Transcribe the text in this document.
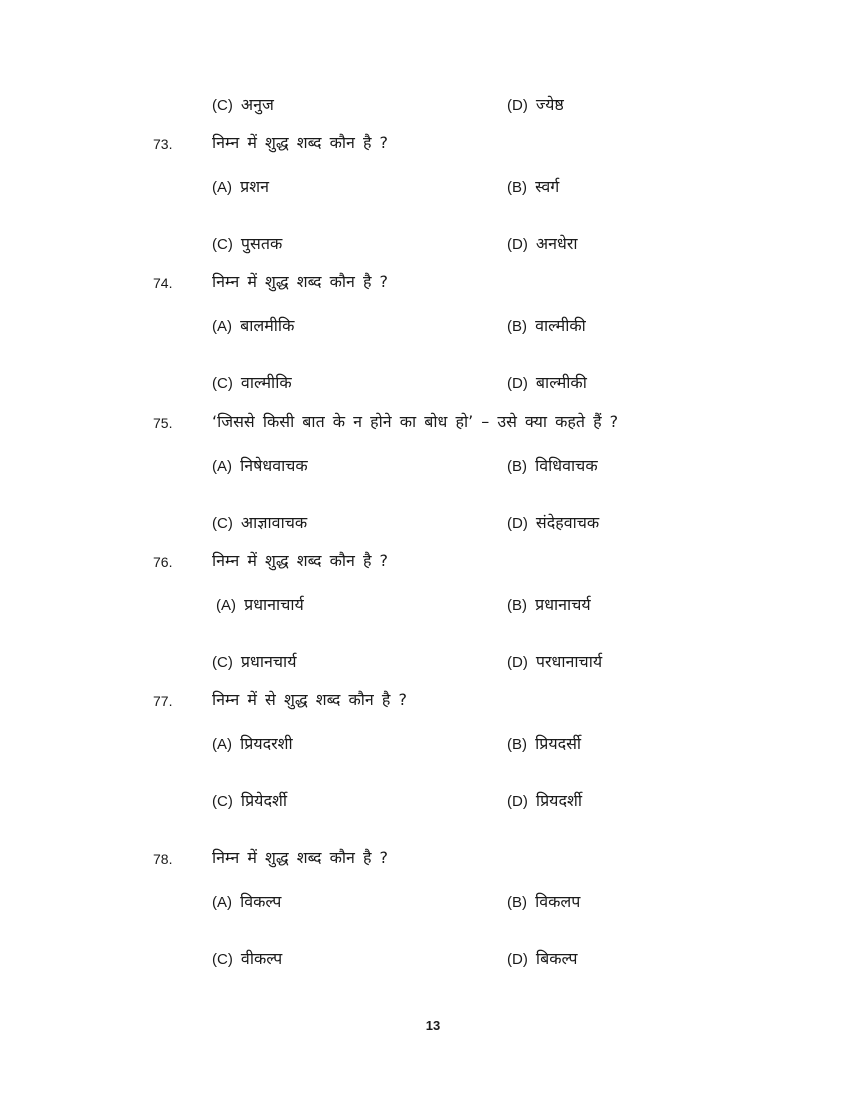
(C) अनुज	(D) ज्येष्ठ
73. निम्न में शुद्ध शब्द कौन है ?
(A) प्रशन	(B) स्वर्ग
(C) पुसतक	(D) अनधेरा
74. निम्न में शुद्ध शब्द कौन है ?
(A) बालमीकि	(B) वाल्मीकी
(C) वाल्मीकि	(D) बाल्मीकी
75. ‘जिससे किसी बात के न होने का बोध हो’ – उसे क्या कहते हैं ?
(A) निषेधवाचक	(B) विधिवाचक
(C) आज्ञावाचक	(D) संदेहवाचक
76. निम्न में शुद्ध शब्द कौन है ?
(A) प्रधानाचार्य	(B) प्रधानाचर्य
(C) प्रधानचार्य	(D) परधानाचार्य
77. निम्न में से शुद्ध शब्द कौन है ?
(A) प्रियदरशी	(B) प्रियदर्सी
(C) प्रियेदर्शी	(D) प्रियदर्शी
78. निम्न में शुद्ध शब्द कौन है ?
(A) विकल्प	(B) विकलप
(C) वीकल्प	(D) बिकल्प
13
